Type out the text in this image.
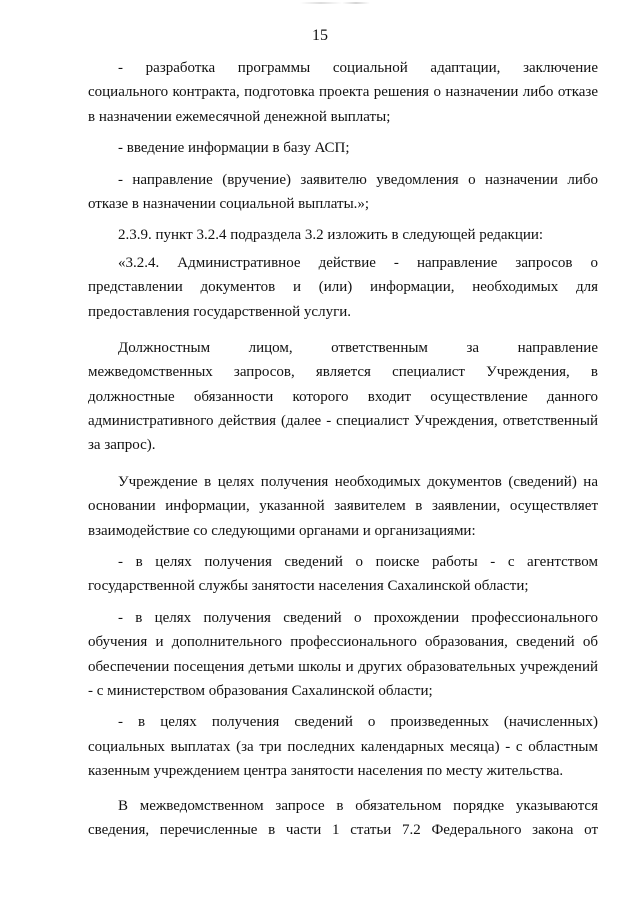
15
- разработка программы социальной адаптации, заключение
социального контракта, подготовка проекта решения о назначении либо отказе
в назначении ежемесячной денежной выплаты;
- введение информации в базу АСП;
- направление (вручение) заявителю уведомления о назначении либо
отказе в назначении социальной выплаты.»;
2.3.9. пункт 3.2.4 подраздела 3.2 изложить в следующей редакции:
«3.2.4. Административное действие - направление запросов о
представлении документов и (или) информации, необходимых для
предоставления государственной услуги.
Должностным лицом, ответственным за направление
межведомственных запросов, является специалист Учреждения, в
должностные обязанности которого входит осуществление данного
административного действия (далее - специалист Учреждения, ответственный
за запрос).
Учреждение в целях получения необходимых документов (сведений) на
основании информации, указанной заявителем в заявлении, осуществляет
взаимодействие со следующими органами и организациями:
- в целях получения сведений о поиске работы - с агентством
государственной службы занятости населения Сахалинской области;
- в целях получения сведений о прохождении профессионального
обучения и дополнительного профессионального образования, сведений об
обеспечении посещения детьми школы и других образовательных учреждений
- с министерством образования Сахалинской области;
- в целях получения сведений о произведенных (начисленных)
социальных выплатах (за три последних календарных месяца) - с областным
казенным учреждением центра занятости населения по месту жительства.
В межведомственном запросе в обязательном порядке указываются
сведения, перечисленные в части 1 статьи 7.2 Федерального закона от
